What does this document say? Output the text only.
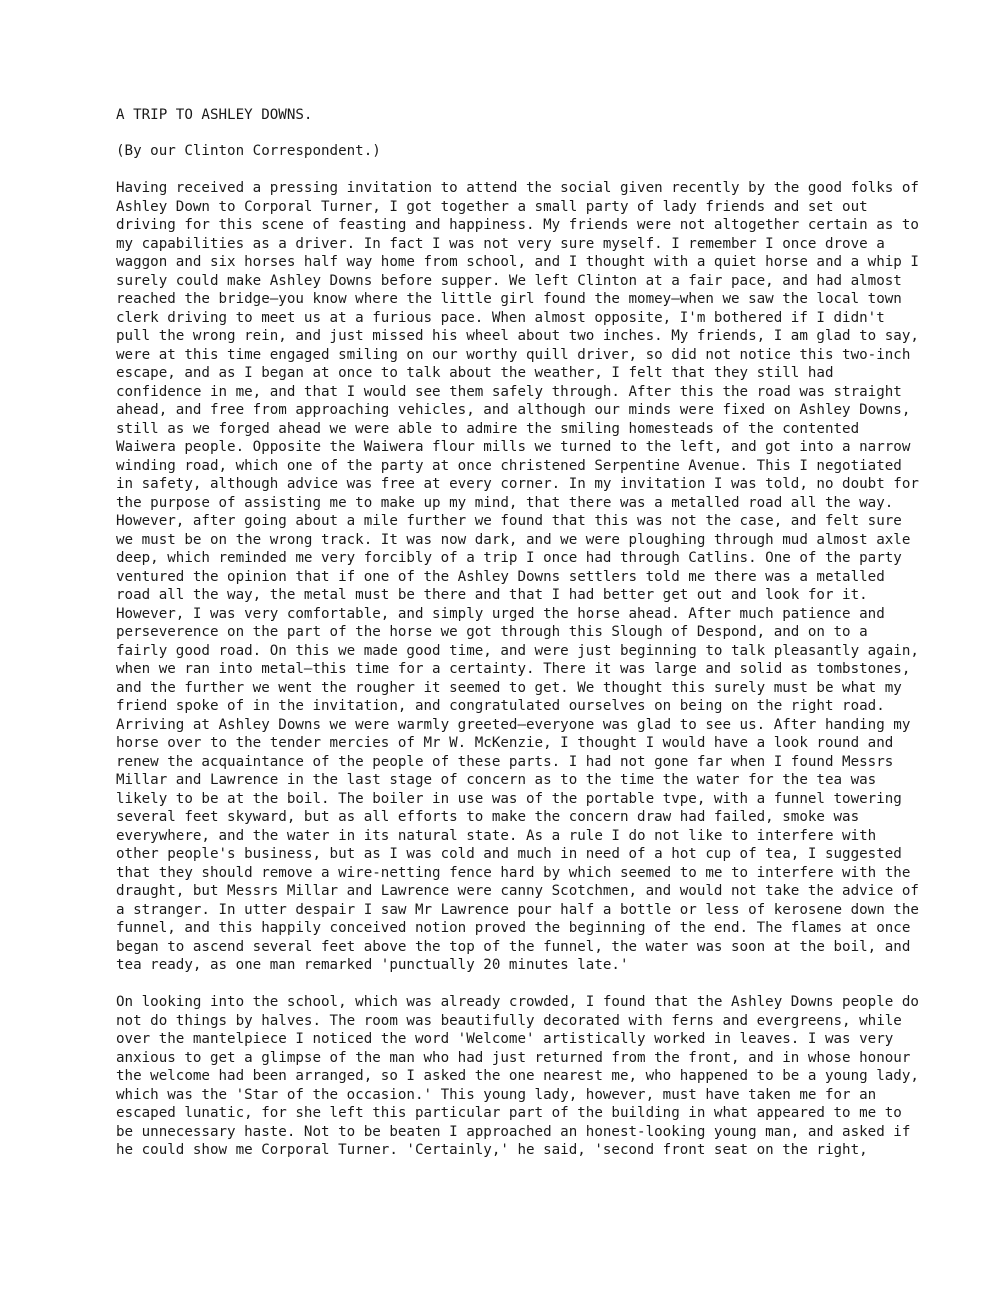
A TRIP TO ASHLEY DOWNS.
(By our Clinton Correspondent.)
Having received a pressing invitation to attend the social given recently by the good folks of
Ashley Down to Corporal Turner, I got together a small party of lady friends and set out
driving for this scene of feasting and happiness. My friends were not altogether certain as to
my capabilities as a driver. In fact I was not very sure myself. I remember I once drove a
waggon and six horses half way home from school, and I thought with a quiet horse and a whip I
surely could make Ashley Downs before supper. We left Clinton at a fair pace, and had almost
reached the bridge—you know where the little girl found the momey—when we saw the local town
clerk driving to meet us at a furious pace. When almost opposite, I'm bothered if I didn't
pull the wrong rein, and just missed his wheel about two inches. My friends, I am glad to say,
were at this time engaged smiling on our worthy quill driver, so did not notice this two-inch
escape, and as I began at once to talk about the weather, I felt that they still had
confidence in me, and that I would see them safely through. After this the road was straight
ahead, and free from approaching vehicles, and although our minds were fixed on Ashley Downs,
still as we forged ahead we were able to admire the smiling homesteads of the contented
Waiwera people. Opposite the Waiwera flour mills we turned to the left, and got into a narrow
winding road, which one of the party at once christened Serpentine Avenue. This I negotiated
in safety, although advice was free at every corner. In my invitation I was told, no doubt for
the purpose of assisting me to make up my mind, that there was a metalled road all the way.
However, after going about a mile further we found that this was not the case, and felt sure
we must be on the wrong track. It was now dark, and we were ploughing through mud almost axle
deep, which reminded me very forcibly of a trip I once had through Catlins. One of the party
ventured the opinion that if one of the Ashley Downs settlers told me there was a metalled
road all the way, the metal must be there and that I had better get out and look for it.
However, I was very comfortable, and simply urged the horse ahead. After much patience and
perseverence on the part of the horse we got through this Slough of Despond, and on to a
fairly good road. On this we made good time, and were just beginning to talk pleasantly again,
when we ran into metal—this time for a certainty. There it was large and solid as tombstones,
and the further we went the rougher it seemed to get. We thought this surely must be what my
friend spoke of in the invitation, and congratulated ourselves on being on the right road.
Arriving at Ashley Downs we were warmly greeted—everyone was glad to see us. After handing my
horse over to the tender mercies of Mr W. McKenzie, I thought I would have a look round and
renew the acquaintance of the people of these parts. I had not gone far when I found Messrs
Millar and Lawrence in the last stage of concern as to the time the water for the tea was
likely to be at the boil. The boiler in use was of the portable tvpe, with a funnel towering
several feet skyward, but as all efforts to make the concern draw had failed, smoke was
everywhere, and the water in its natural state. As a rule I do not like to interfere with
other people's business, but as I was cold and much in need of a hot cup of tea, I suggested
that they should remove a wire-netting fence hard by which seemed to me to interfere with the
draught, but Messrs Millar and Lawrence were canny Scotchmen, and would not take the advice of
a stranger. In utter despair I saw Mr Lawrence pour half a bottle or less of kerosene down the
funnel, and this happily conceived notion proved the beginning of the end. The flames at once
began to ascend several feet above the top of the funnel, the water was soon at the boil, and
tea ready, as one man remarked 'punctually 20 minutes late.'
On looking into the school, which was already crowded, I found that the Ashley Downs people do
not do things by halves. The room was beautifully decorated with ferns and evergreens, while
over the mantelpiece I noticed the word 'Welcome' artistically worked in leaves. I was very
anxious to get a glimpse of the man who had just returned from the front, and in whose honour
the welcome had been arranged, so I asked the one nearest me, who happened to be a young lady,
which was the 'Star of the occasion.' This young lady, however, must have taken me for an
escaped lunatic, for she left this particular part of the building in what appeared to me to
be unnecessary haste. Not to be beaten I approached an honest-looking young man, and asked if
he could show me Corporal Turner. 'Certainly,' he said, 'second front seat on the right,
